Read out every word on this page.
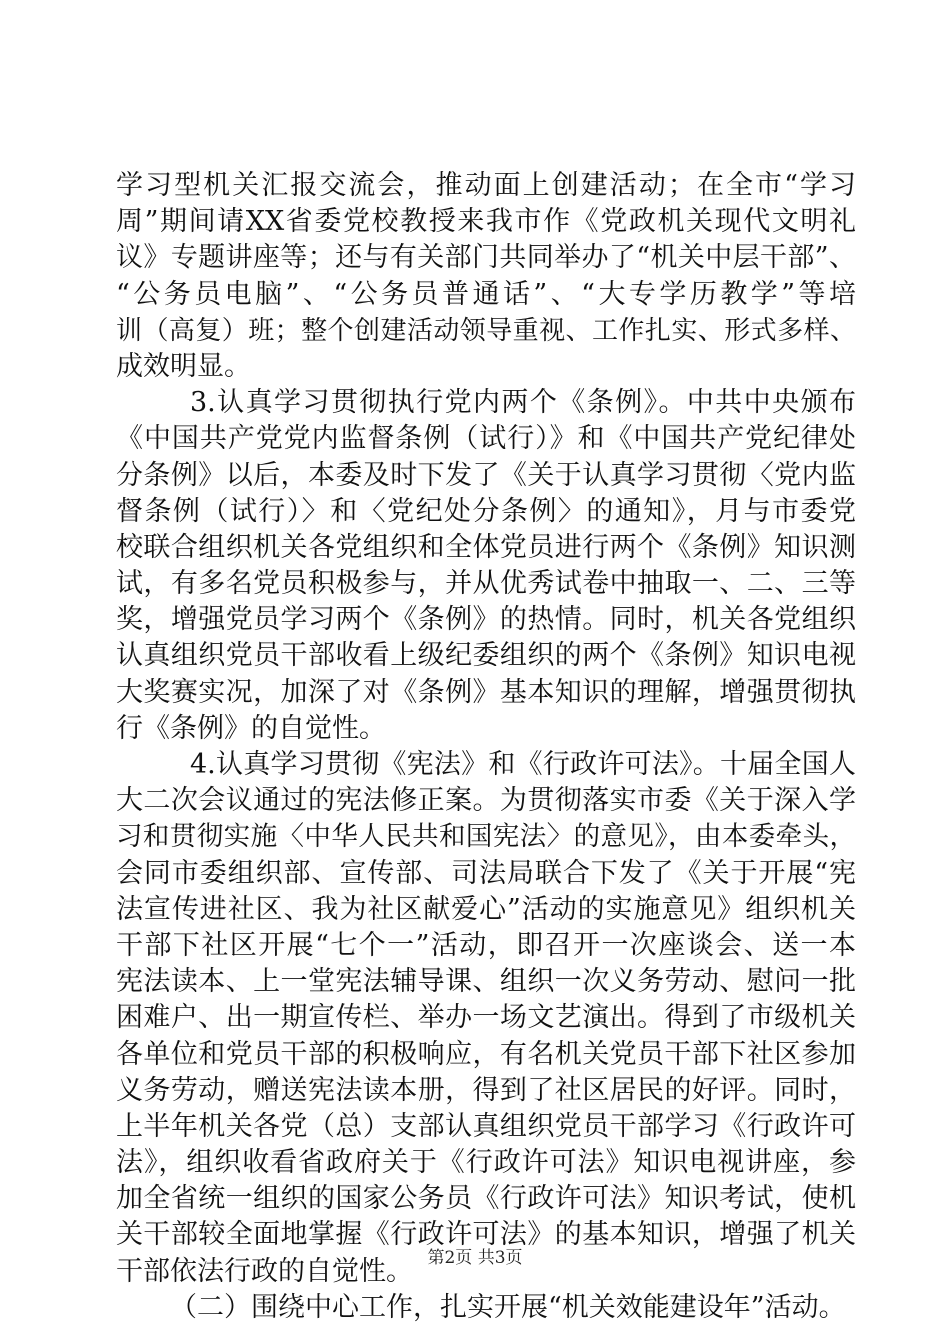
学习型机关汇报交流会，推动面上创建活动；在全市“学习
周”期间请XX省委党校教授来我市作《党政机关现代文明礼
议》专题讲座等；还与有关部门共同举办了“机关中层干部”、
“公务员电脑”、“公务员普通话”、“大专学历教学”等培
训（高复）班；整个创建活动领导重视、工作扎实、形式多样、
成效明显。
3.认真学习贯彻执行党内两个《条例》。中共中央颁布
《中国共产党党内监督条例（试行）》和《中国共产党纪律处
分条例》以后，本委及时下发了《关于认真学习贯彻〈党内监
督条例（试行）〉和〈党纪处分条例〉的通知》，月与市委党
校联合组织机关各党组织和全体党员进行两个《条例》知识测
试，有多名党员积极参与，并从优秀试卷中抽取一、二、三等
奖，增强党员学习两个《条例》的热情。同时，机关各党组织
认真组织党员干部收看上级纪委组织的两个《条例》知识电视
大奖赛实况，加深了对《条例》基本知识的理解，增强贯彻执
行《条例》的自觉性。
4.认真学习贯彻《宪法》和《行政许可法》。十届全国人
大二次会议通过的宪法修正案。为贯彻落实市委《关于深入学
习和贯彻实施〈中华人民共和国宪法〉的意见》，由本委牵头，
会同市委组织部、宣传部、司法局联合下发了《关于开展“宪
法宣传进社区、我为社区献爱心”活动的实施意见》组织机关
干部下社区开展“七个一”活动，即召开一次座谈会、送一本
宪法读本、上一堂宪法辅导课、组织一次义务劳动、慰问一批
困难户、出一期宣传栏、举办一场文艺演出。得到了市级机关
各单位和党员干部的积极响应，有名机关党员干部下社区参加
义务劳动，赠送宪法读本册，得到了社区居民的好评。同时，
上半年机关各党（总）支部认真组织党员干部学习《行政许可
法》，组织收看省政府关于《行政许可法》知识电视讲座，参
加全省统一组织的国家公务员《行政许可法》知识考试，使机
关干部较全面地掌握《行政许可法》的基本知识，增强了机关
干部依法行政的自觉性。
（二）围绕中心工作，扎实开展“机关效能建设年”活动。
第2页 共3页
